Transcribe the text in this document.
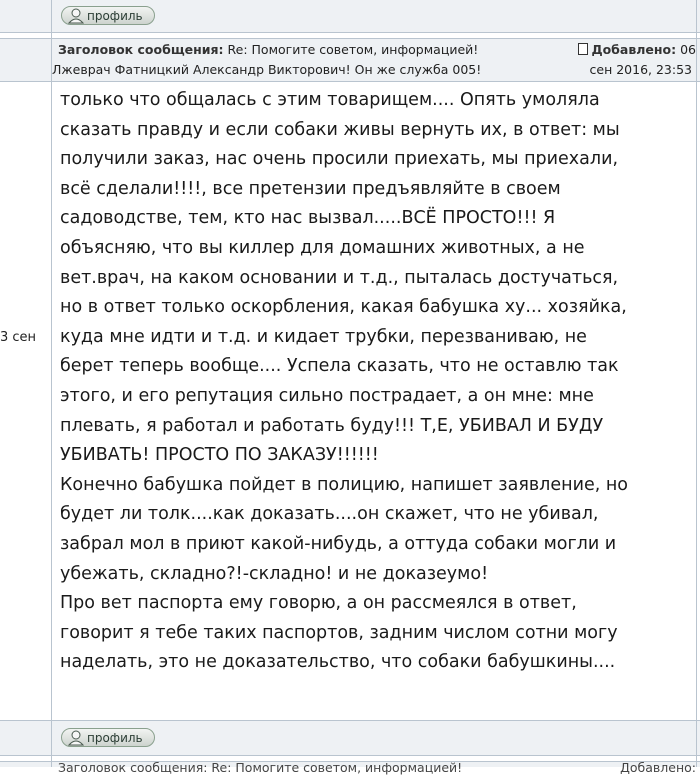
профиль
Заголовок сообщения: Re: Помогите советом, информацией!
Лжеврач Фатницкий Александр Викторович! Он же служба 005!
Добавлено: 06
сен 2016, 23:53
3 сен

только что общалась с этим товарищем.... Опять умоляла

сказать правду и если собаки живы вернуть их, в ответ: мы

получили заказ, нас очень просили приехать, мы приехали,

всё сделали!!!!, все претензии предъявляйте в своем

садоводстве, тем, кто нас вызвал.....ВСЁ ПРОСТО!!! Я

объясняю, что вы киллер для домашних животных, а не

вет.врач, на каком основании и т.д., пыталась достучаться,

но в ответ только оскорбления, какая бабушка ху... хозяйка,

куда мне идти и т.д. и кидает трубки, перезваниваю, не

берет теперь вообще.... Успела сказать, что не оставлю так

этого, и его репутация сильно пострадает, а он мне: мне

плевать, я работал и работать буду!!! Т,Е, УБИВАЛ И БУДУ

УБИВАТЬ! ПРОСТО ПО ЗАКАЗУ!!!!!!

Конечно бабушка пойдет в полицию, напишет заявление, но

будет ли толк....как доказать....он скажет, что не убивал,

забрал мол в приют какой-нибудь, а оттуда собаки могли и

убежать, складно?!-складно! и не доказеумо!

Про вет паспорта ему говорю, а он рассмеялся в ответ,

говорит я тебе таких паспортов, задним числом сотни могу

наделать, это не доказательство, что собаки бабушкины....

профиль
Заголовок сообщения: Re: Помогите советом, информацией!	Добавлено:
